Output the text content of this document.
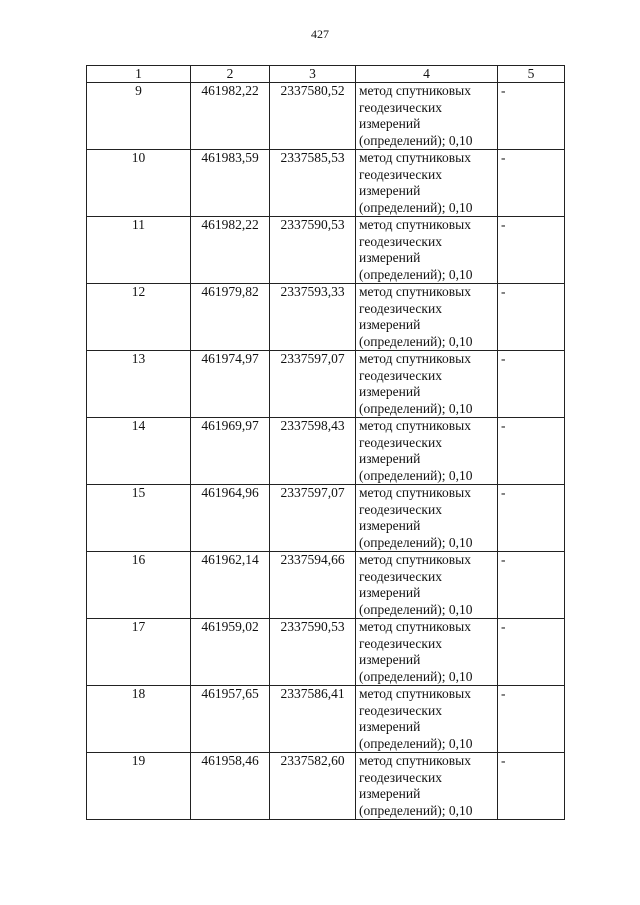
427
1	2	3	4	5
9	461982,22	2337580,52	метод спутниковых геодезических измерений (определений); 0,10	-
10	461983,59	2337585,53	метод спутниковых геодезических измерений (определений); 0,10	-
11	461982,22	2337590,53	метод спутниковых геодезических измерений (определений); 0,10	-
12	461979,82	2337593,33	метод спутниковых геодезических измерений (определений); 0,10	-
13	461974,97	2337597,07	метод спутниковых геодезических измерений (определений); 0,10	-
14	461969,97	2337598,43	метод спутниковых геодезических измерений (определений); 0,10	-
15	461964,96	2337597,07	метод спутниковых геодезических измерений (определений); 0,10	-
16	461962,14	2337594,66	метод спутниковых геодезических измерений (определений); 0,10	-
17	461959,02	2337590,53	метод спутниковых геодезических измерений (определений); 0,10	-
18	461957,65	2337586,41	метод спутниковых геодезических измерений (определений); 0,10	-
19	461958,46	2337582,60	метод спутниковых геодезических измерений (определений); 0,10	-
